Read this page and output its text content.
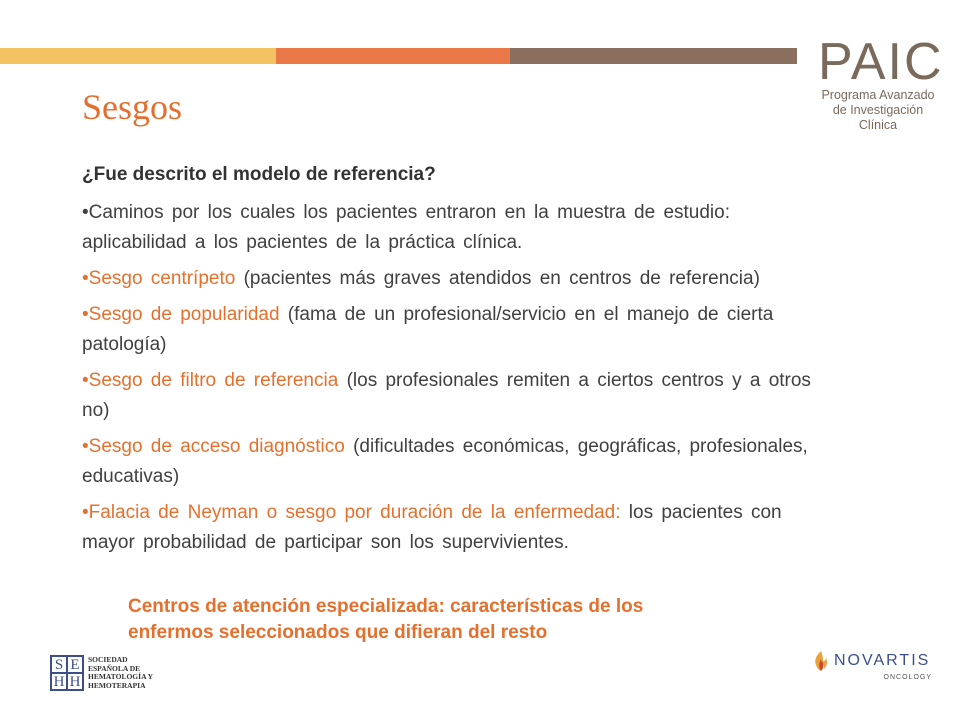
PAIC
Programa Avanzado
de Investigación
Clínica
Sesgos

¿Fue descrito el modelo de referencia?

•Caminos por los cuales los pacientes entraron en la muestra de estudio: aplicabilidad a los pacientes de la práctica clínica.

•Sesgo centrípeto (pacientes más graves atendidos en centros de referencia)

•Sesgo de popularidad (fama de un profesional/servicio en el manejo de cierta patología)

•Sesgo de filtro de referencia (los profesionales remiten a ciertos centros y a otros no)

•Sesgo de acceso diagnóstico (dificultades económicas, geográficas, profesionales, educativas)

•Falacia de Neyman o sesgo por duración de la enfermedad: los pacientes con mayor probabilidad de participar son los supervivientes.

Centros de atención especializada: características de los
enfermos seleccionados que difieran del resto
S E
H H
SOCIEDAD
ESPAÑOLA DE
HEMATOLOGÍA Y
HEMOTERAPIA
NOVARTIS
ONCOLOGY
